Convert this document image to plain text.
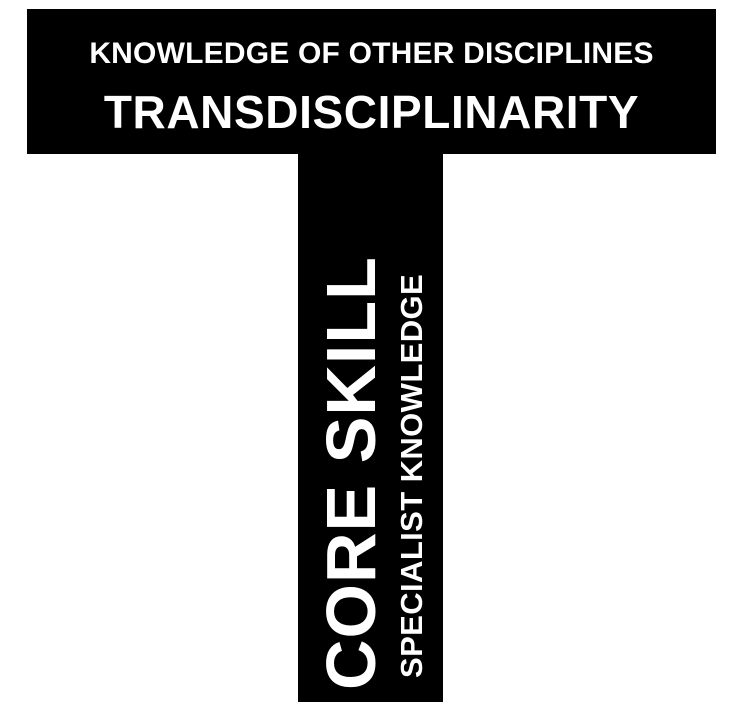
KNOWLEDGE OF OTHER DISCIPLINES
TRANSDISCIPLINARITY
CORE SKILL SPECIALIST KNOWLEDGE
